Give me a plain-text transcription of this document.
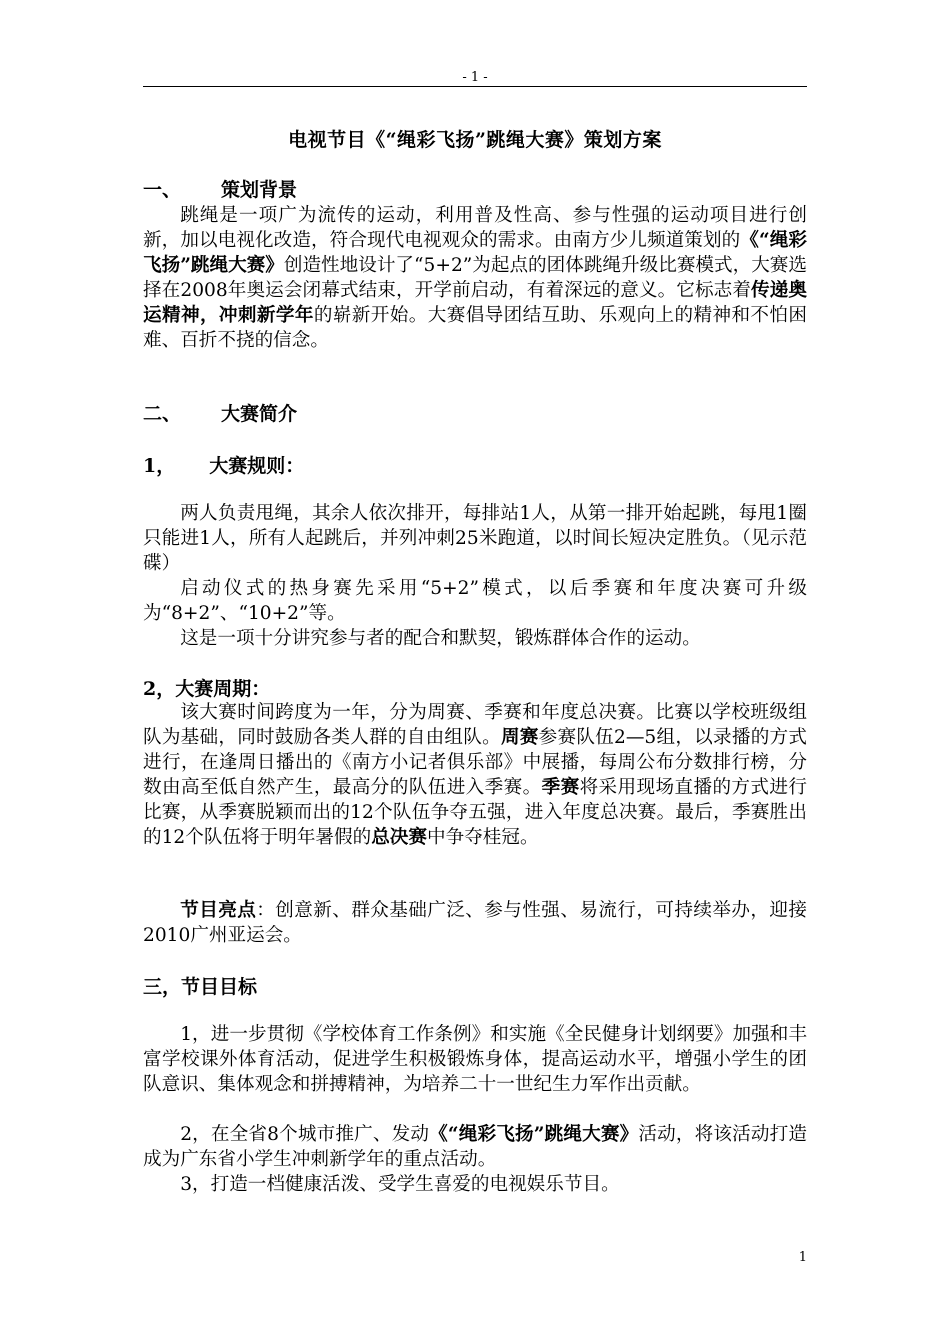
- 1 -
电视节目《“绳彩飞扬”跳绳大赛》策划方案
一、 策划背景

跳绳是一项广为流传的运动，利用普及性高、参与性强的运动项目进行创新，加以电视化改造，符合现代电视观众的需求。由南方少儿频道策划的《“绳彩飞扬”跳绳大赛》创造性地设计了“5+2”为起点的团体跳绳升级比赛模式，大赛选择在2008年奥运会闭幕式结束，开学前启动，有着深远的意义。它标志着传递奥运精神，冲刺新学年的崭新开始。大赛倡导团结互助、乐观向上的精神和不怕困难、百折不挠的信念。

二、 大赛简介
1， 大赛规则：

两人负责甩绳，其余人依次排开，每排站1人，从第一排开始起跳，每甩1圈只能进1人，所有人起跳后，并列冲刺25米跑道，以时间长短决定胜负。（见示范碟）

启动仪式的热身赛先采用“5+2”模式，以后季赛和年度决赛可升级为“8+2”、“10+2”等。

这是一项十分讲究参与者的配合和默契，锻炼群体合作的运动。

2，大赛周期：

该大赛时间跨度为一年，分为周赛、季赛和年度总决赛。比赛以学校班级组队为基础，同时鼓励各类人群的自由组队。周赛参赛队伍2—5组，以录播的方式进行，在逢周日播出的《南方小记者俱乐部》中展播，每周公布分数排行榜，分数由高至低自然产生，最高分的队伍进入季赛。季赛将采用现场直播的方式进行比赛，从季赛脱颖而出的12个队伍争夺五强，进入年度总决赛。最后，季赛胜出的12个队伍将于明年暑假的总决赛中争夺桂冠。

节目亮点：创意新、群众基础广泛、参与性强、易流行，可持续举办，迎接2010广州亚运会。

三，节目目标

1，进一步贯彻《学校体育工作条例》和实施《全民健身计划纲要》加强和丰富学校课外体育活动，促进学生积极锻炼身体，提高运动水平，增强小学生的团队意识、集体观念和拼搏精神，为培养二十一世纪生力军作出贡献。

2，在全省8个城市推广、发动《“绳彩飞扬”跳绳大赛》活动，将该活动打造成为广东省小学生冲刺新学年的重点活动。

3，打造一档健康活泼、受学生喜爱的电视娱乐节目。

1
